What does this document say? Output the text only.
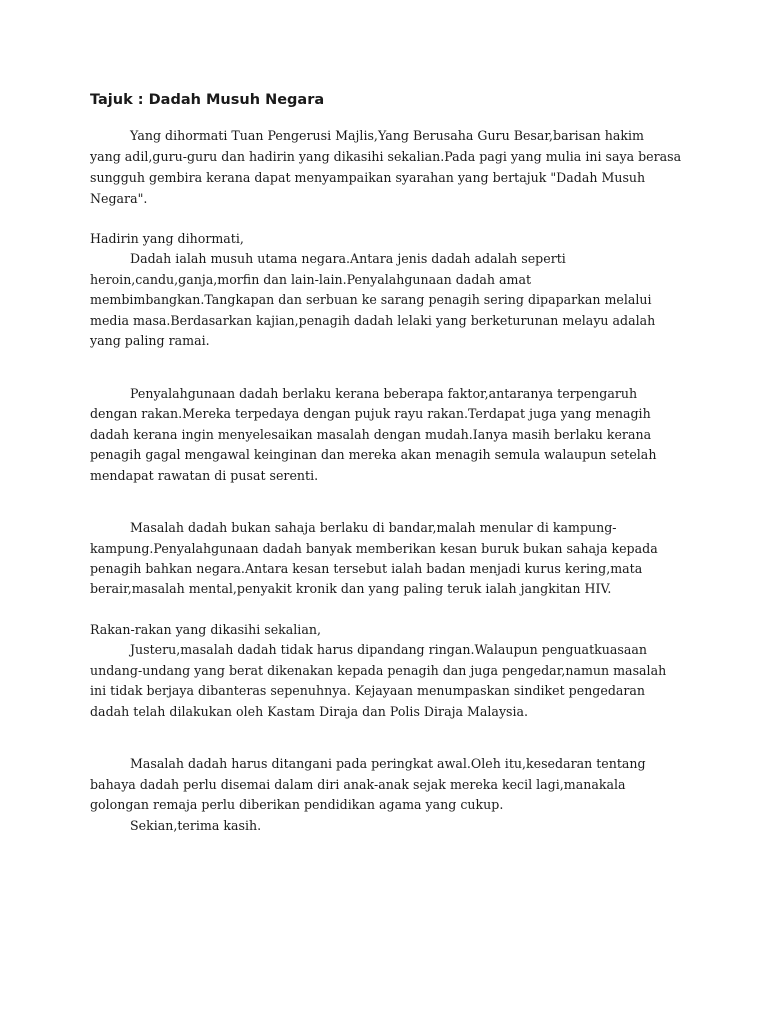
Tajuk : Dadah Musuh Negara

Yang dihormati Tuan Pengerusi Majlis,Yang Berusaha Guru Besar,barisan hakim

yang adil,guru-guru dan hadirin yang dikasihi sekalian.Pada pagi yang mulia ini saya berasa

sungguh gembira kerana dapat menyampaikan syarahan yang bertajuk "Dadah Musuh

Negara".

Hadirin yang dihormati,

Dadah ialah musuh utama negara.Antara jenis dadah adalah seperti

heroin,candu,ganja,morfin dan lain-lain.Penyalahgunaan dadah amat

membimbangkan.Tangkapan dan serbuan ke sarang penagih sering dipaparkan melalui

media masa.Berdasarkan kajian,penagih dadah lelaki yang berketurunan melayu adalah

yang paling ramai.

Penyalahgunaan dadah berlaku kerana beberapa faktor,antaranya terpengaruh

dengan rakan.Mereka terpedaya dengan pujuk rayu rakan.Terdapat juga yang menagih

dadah kerana ingin menyelesaikan masalah dengan mudah.Ianya masih berlaku kerana

penagih gagal mengawal keinginan dan mereka akan menagih semula walaupun setelah

mendapat rawatan di pusat serenti.

Masalah dadah bukan sahaja berlaku di bandar,malah menular di kampung-

kampung.Penyalahgunaan dadah banyak memberikan kesan buruk bukan sahaja kepada

penagih bahkan negara.Antara kesan tersebut ialah badan menjadi kurus kering,mata

berair,masalah mental,penyakit kronik dan yang paling teruk ialah jangkitan HIV.

Rakan-rakan yang dikasihi sekalian,

Justeru,masalah dadah tidak harus dipandang ringan.Walaupun penguatkuasaan

undang-undang yang berat dikenakan kepada penagih dan juga pengedar,namun masalah

ini tidak berjaya dibanteras sepenuhnya. Kejayaan menumpaskan sindiket pengedaran

dadah telah dilakukan oleh Kastam Diraja dan Polis Diraja Malaysia.

Masalah dadah harus ditangani pada peringkat awal.Oleh itu,kesedaran tentang

bahaya dadah perlu disemai dalam diri anak-anak sejak mereka kecil lagi,manakala

golongan remaja perlu diberikan pendidikan agama yang cukup.

Sekian,terima kasih.
